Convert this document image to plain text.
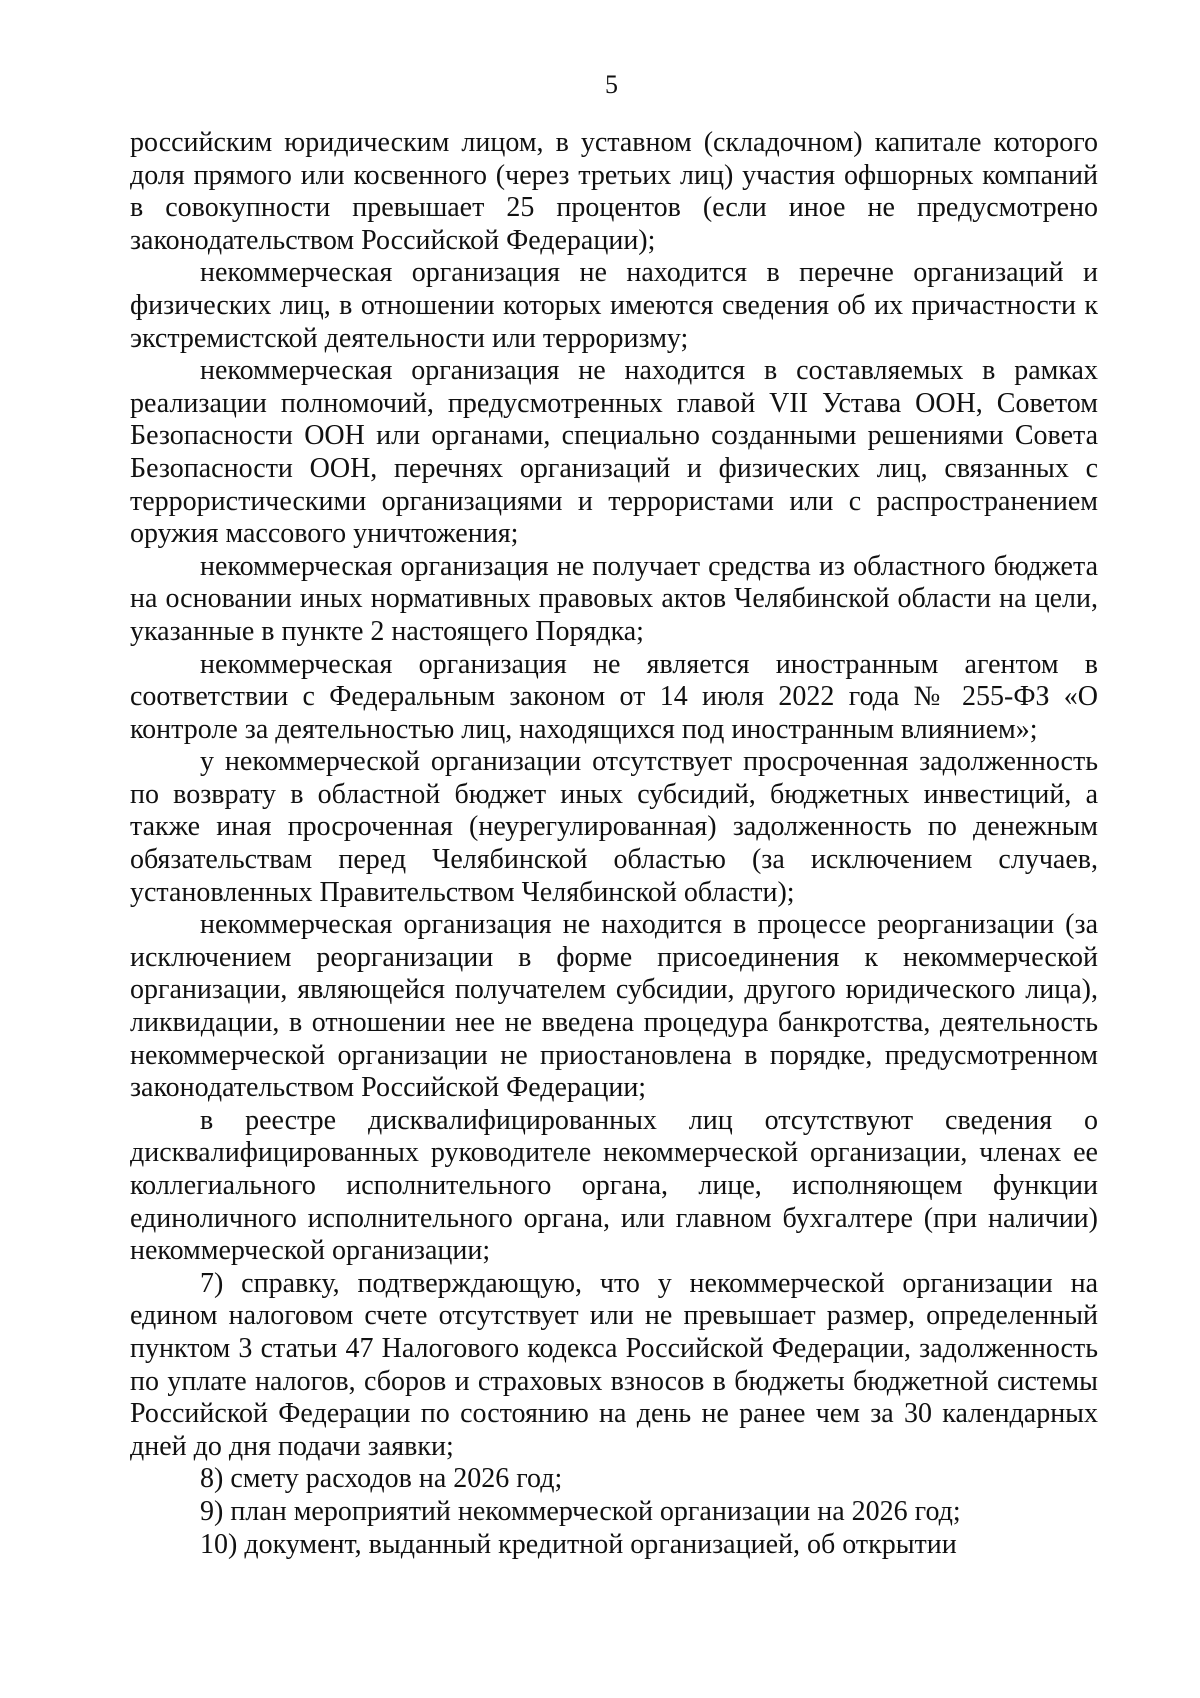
5

российским юридическим лицом, в уставном (складочном) капитале которого доля прямого или косвенного (через третьих лиц) участия офшорных компаний в совокупности превышает 25 процентов (если иное не предусмотрено законодательством Российской Федерации);

некоммерческая организация не находится в перечне организаций и физических лиц, в отношении которых имеются сведения об их причастности к экстремистской деятельности или терроризму;

некоммерческая организация не находится в составляемых в рамках реализации полномочий, предусмотренных главой VII Устава ООН, Советом Безопасности ООН или органами, специально созданными решениями Совета Безопасности ООН, перечнях организаций и физических лиц, связанных с террористическими организациями и террористами или с распространением оружия массового уничтожения;

некоммерческая организация не получает средства из областного бюджета на основании иных нормативных правовых актов Челябинской области на цели, указанные в пункте 2 настоящего Порядка;

некоммерческая организация не является иностранным агентом в соответствии с Федеральным законом от 14 июля 2022 года № 255-ФЗ «О контроле за деятельностью лиц, находящихся под иностранным влиянием»;

у некоммерческой организации отсутствует просроченная задолженность по возврату в областной бюджет иных субсидий, бюджетных инвестиций, а также иная просроченная (неурегулированная) задолженность по денежным обязательствам перед Челябинской областью (за исключением случаев, установленных Правительством Челябинской области);

некоммерческая организация не находится в процессе реорганизации (за исключением реорганизации в форме присоединения к некоммерческой организации, являющейся получателем субсидии, другого юридического лица), ликвидации, в отношении нее не введена процедура банкротства, деятельность некоммерческой организации не приостановлена в порядке, предусмотренном законодательством Российской Федерации;

в реестре дисквалифицированных лиц отсутствуют сведения о дисквалифицированных руководителе некоммерческой организации, членах ее коллегиального исполнительного органа, лице, исполняющем функции единоличного исполнительного органа, или главном бухгалтере (при наличии) некоммерческой организации;

7) справку, подтверждающую, что у некоммерческой организации на едином налоговом счете отсутствует или не превышает размер, определенный пунктом 3 статьи 47 Налогового кодекса Российской Федерации, задолженность по уплате налогов, сборов и страховых взносов в бюджеты бюджетной системы Российской Федерации по состоянию на день не ранее чем за 30 календарных дней до дня подачи заявки;

8) смету расходов на 2026 год;

9) план мероприятий некоммерческой организации на 2026 год;

10) документ, выданный кредитной организацией, об открытии
